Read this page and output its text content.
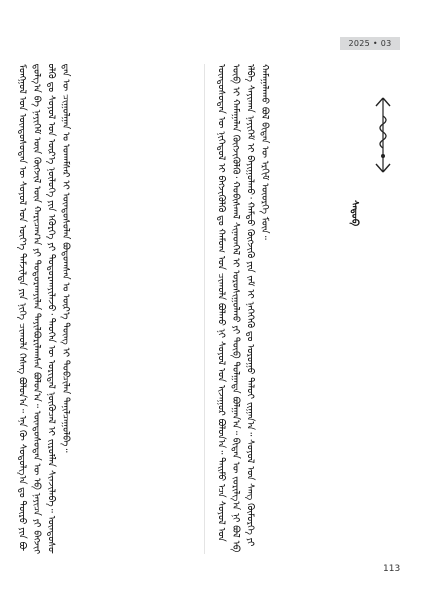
2025 • 03
ᠰᠡᠳᠦᠪ
ᠮᠣᠩᠭᠣᠯ ᠤᠨ ᠦᠨᠳᠦᠰᠦᠲᠡᠨ ᠦ ᠰᠣᠶᠣᠯ ᠤᠨ ᠦᠶ᠎ᠡ ᠳᠠᠮᠵᠢᠯᠲᠠ ᠶᠢᠨ ᠨᠢᠭᠡ ᠴᠢᠬᠤᠯᠠ ᠬᠡᠰᠡᠭ ᠪᠣᠯᠣᠨ᠎ᠠ᠃ ᠡᠨᠡ ᠬᠦ ᠰᠤᠳᠤᠯᠭ᠎ᠠ ᠳᠤ ᠲᠥᠷᠥ ᠶᠢᠨ ᠪᠣᠳᠣᠯᠭ᠎ᠠ ᠪᠠ ᠨᠡᠶᠢᠭᠡᠮ ᠦᠨ ᠬᠥᠭᠵᠢᠯ ᠦᠨ ᠬᠠᠷᠢᠴᠠᠭ᠎ᠠ ᠶᠢ ᠲᠣᠳᠣᠷᠬᠠᠶᠢᠯᠠᠨ ᠲᠠᠶᠢᠯᠪᠤᠷᠢᠯᠠᠭᠰᠠᠨ ᠪᠣᠯᠣᠨ᠎ᠠ᠃ ᠦᠨᠳᠦᠰᠦᠲᠡᠨ ᠦ ᠡᠪ ᠨᠡᠶᠢᠴᠡ ᠶᠢ ᠪᠡᠬᠵᠢᠭᠦᠯᠬᠦ ᠳᠤ ᠰᠣᠶᠣᠯ ᠤᠨ ᠦᠷ᠎ᠡ ᠨᠥᠯᠦᠭᠡ ᠶᠢᠨ ᠡᠭᠦᠷᠭᠡ ᠶᠢ ᠲᠣᠳᠣᠷᠬᠠᠶᠢᠯᠠᠵᠤ᠂ ᠲᠡᠦᠬᠡᠨ ᠦ ᠤᠷᠢᠳᠠᠯ ᠨᠥᠬᠥᠴᠡᠯ ᠢ ᠵᠢᠷᠤᠮᠯᠠᠨ ᠰᠢᠨᠵᠢᠯᠡᠪᠡ᠃ ᠦᠨᠳᠦᠰᠦᠲᠡᠨ ᠦ ᠴᠢᠭᠤᠯᠭᠠᠨ ᠤ ᠤᠬᠠᠮᠰᠠᠷ ᠢ ᠦᠨᠳᠦᠰᠦᠯᠡᠨ ᠪᠣᠳᠣᠭᠰᠠᠨ ᠤ ᠦᠷ᠎ᠡ ᠳᠦᠩ ᠢ ᠲᠣᠪᠴᠢᠯᠠᠨ ᠲᠠᠨᠢᠯᠴᠠᠭᠤᠯᠪᠠ᠃	ᠦᠨᠳᠦᠰᠦᠲᠡᠨ ᠦ ᠨᠢᠭᠡᠳᠦᠯ ᠢ ᠪᠡᠬᠵᠢᠭᠦᠯᠬᠦ ᠳᠤ ᠬᠠᠮᠤᠭ ᠤᠨ ᠴᠢᠬᠤᠯᠠ ᠪᠣᠯᠬᠤ ᠨᠢ ᠰᠣᠶᠣᠯ ᠤᠨ ᠢᠵᠠᠭᠤᠷ ᠪᠣᠯᠣᠨ᠎ᠠ᠃ ᠲᠡᠢᠮᠦ ᠡᠴᠡ ᠰᠣᠶᠣᠯ ᠤᠨ ᠥᠪ ᠢ ᠬᠠᠮᠠᠭᠠᠯᠠᠨ ᠬᠥᠭᠵᠢᠭᠦᠯᠬᠦ᠂ ᠬᠤᠪᠢᠰᠬᠠᠯ ᠰᠢᠨᠡᠳᠬᠡᠯ ᠢ ᠤᠷᠤᠰᠢᠭᠤᠯᠬᠤ ᠶᠢ ᠲᠥᠪ ᠲᠤᠯᠭᠠᠳᠠ ᠪᠣᠯᠭᠠᠨ᠎ᠠ᠃ ᠪᠢᠳᠡᠨ ᠦ ᠵᠣᠷᠢᠯᠭ᠎ᠠ ᠨᠢ ᠪᠣᠯ ᠡᠪ ᠡᠯᠪᠡ ᠰᠠᠶᠢᠬᠠᠨ ᠨᠡᠶᠢᠭᠡᠮ ᠢ ᠪᠠᠶᠢᠭᠤᠯᠬᠤ᠂ ᠬᠠᠮᠲᠤ ᠬᠥᠭᠵᠢᠬᠦ ᠶᠢᠨ ᠵᠠᠮ ᠢ ᠨᠡᠭᠡᠭᠡᠬᠦ ᠳᠤ ᠤᠷᠤᠭᠤ ᠳᠠᠯᠤᠢ ᠵᠢᠭᠠᠨ᠎ᠠ᠃ ᠰᠣᠶᠣᠯ ᠤᠨ ᠰᠠᠩ ᠬᠥᠮᠥᠷᠭᠡ ᠶᠢ ᠬᠠᠮᠠᠭᠠᠯᠠᠬᠤ ᠪᠣᠯ ᠪᠢᠳᠡᠨ ᠦ ᠡᠷᠬᠢᠮ ᠦᠦᠷᠭᠡ ᠮᠥᠨ᠃
113
